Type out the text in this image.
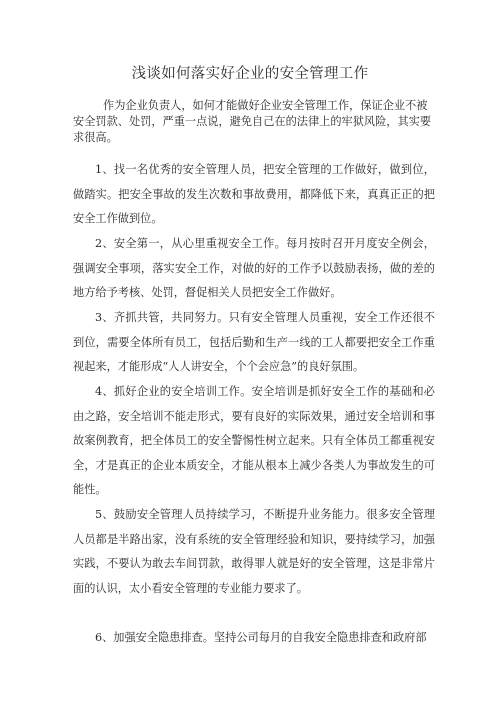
浅谈如何落实好企业的安全管理工作
作为企业负责人，如何才能做好企业安全管理工作，保证企业不被
安全罚款、处罚，严重一点说，避免自己在的法律上的牢狱风险，其实要求很高。
1、找一名优秀的安全管理人员，把安全管理的工作做好，做到位，做踏实。把安全事故的发生次数和事故费用，都降低下来，真真正正的把安全工作做到位。
2、安全第一，从心里重视安全工作。每月按时召开月度安全例会，强调安全事项，落实安全工作，对做的好的工作予以鼓励表扬，做的差的地方给予考核、处罚，督促相关人员把安全工作做好。
3、齐抓共管，共同努力。只有安全管理人员重视，安全工作还很不到位，需要全体所有员工，包括后勤和生产一线的工人都要把安全工作重视起来，才能形成“人人讲安全，个个会应急”的良好氛围。
4、抓好企业的安全培训工作。安全培训是抓好安全工作的基础和必由之路，安全培训不能走形式，要有良好的实际效果，通过安全培训和事故案例教育，把全体员工的安全警惕性树立起来。只有全体员工都重视安全，才是真正的企业本质安全，才能从根本上减少各类人为事故发生的可能性。
5、鼓励安全管理人员持续学习，不断提升业务能力。很多安全管理人员都是半路出家，没有系统的安全管理经验和知识，要持续学习，加强实践，不要认为敢去车间罚款，敢得罪人就是好的安全管理，这是非常片面的认识，太小看安全管理的专业能力要求了。
6、加强安全隐患排查。坚持公司每月的自我安全隐患排查和政府部
